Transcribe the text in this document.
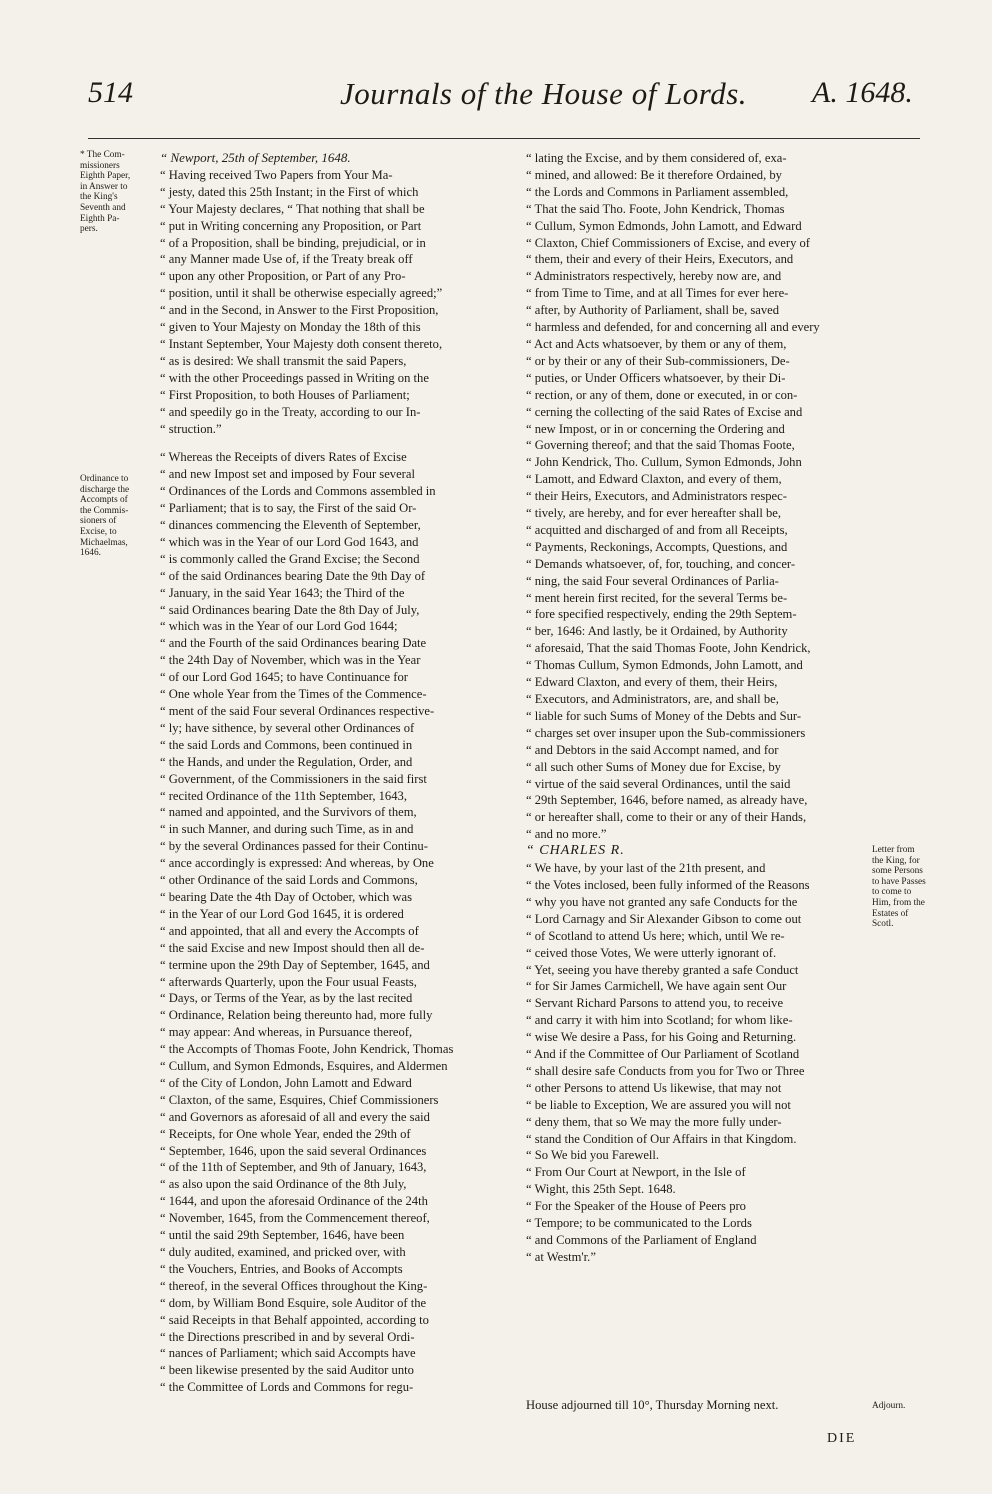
514	Journals of the House of Lords. A. 1648.
* The Com-
missioners
Eighth Paper,
in Answer to
the King's
Seventh and
Eighth Pa-
pers.
Ordinance to
discharge the
Accompts of
the Commis-
sioners of
Excise, to
Michaelmas,
1646.
Letter from
the King, for
some Persons
to have Passes
to come to
Him, from the
Estates of
Scotl.
Adjourn.

“ Newport, 25th of September, 1648.

“ Having received Two Papers from Your Ma-
“ jesty, dated this 25th Instant; in the First of which
“ Your Majesty declares, “ That nothing that shall be
“ put in Writing concerning any Proposition, or Part
“ of a Proposition, shall be binding, prejudicial, or in
“ any Manner made Use of, if the Treaty break off
“ upon any other Proposition, or Part of any Pro-
“ position, until it shall be otherwise especially agreed;”
“ and in the Second, in Answer to the First Proposition,
“ given to Your Majesty on Monday the 18th of this
“ Instant September, Your Majesty doth consent thereto,
“ as is desired: We shall transmit the said Papers,
“ with the other Proceedings passed in Writing on the
“ First Proposition, to both Houses of Parliament;
“ and speedily go in the Treaty, according to our In-
“ struction.”

“ Whereas the Receipts of divers Rates of Excise
“ and new Impost set and imposed by Four several
“ Ordinances of the Lords and Commons assembled in
“ Parliament; that is to say, the First of the said Or-
“ dinances commencing the Eleventh of September,
“ which was in the Year of our Lord God 1643, and
“ is commonly called the Grand Excise; the Second
“ of the said Ordinances bearing Date the 9th Day of
“ January, in the said Year 1643; the Third of the
“ said Ordinances bearing Date the 8th Day of July,
“ which was in the Year of our Lord God 1644;
“ and the Fourth of the said Ordinances bearing Date
“ the 24th Day of November, which was in the Year
“ of our Lord God 1645; to have Continuance for
“ One whole Year from the Times of the Commence-
“ ment of the said Four several Ordinances respective-
“ ly; have sithence, by several other Ordinances of
“ the said Lords and Commons, been continued in
“ the Hands, and under the Regulation, Order, and
“ Government, of the Commissioners in the said first
“ recited Ordinance of the 11th September, 1643,
“ named and appointed, and the Survivors of them,
“ in such Manner, and during such Time, as in and
“ by the several Ordinances passed for their Continu-
“ ance accordingly is expressed: And whereas, by One
“ other Ordinance of the said Lords and Commons,
“ bearing Date the 4th Day of October, which was
“ in the Year of our Lord God 1645, it is ordered
“ and appointed, that all and every the Accompts of
“ the said Excise and new Impost should then all de-
“ termine upon the 29th Day of September, 1645, and
“ afterwards Quarterly, upon the Four usual Feasts,
“ Days, or Terms of the Year, as by the last recited
“ Ordinance, Relation being thereunto had, more fully
“ may appear: And whereas, in Pursuance thereof,
“ the Accompts of Thomas Foote, John Kendrick, Thomas
“ Cullum, and Symon Edmonds, Esquires, and Aldermen
“ of the City of London, John Lamott and Edward
“ Claxton, of the same, Esquires, Chief Commissioners
“ and Governors as aforesaid of all and every the said
“ Receipts, for One whole Year, ended the 29th of
“ September, 1646, upon the said several Ordinances
“ of the 11th of September, and 9th of January, 1643,
“ as also upon the said Ordinance of the 8th July,
“ 1644, and upon the aforesaid Ordinance of the 24th
“ November, 1645, from the Commencement thereof,
“ until the said 29th September, 1646, have been
“ duly audited, examined, and pricked over, with
“ the Vouchers, Entries, and Books of Accompts
“ thereof, in the several Offices throughout the King-
“ dom, by William Bond Esquire, sole Auditor of the
“ said Receipts in that Behalf appointed, according to
“ the Directions prescribed in and by several Ordi-
“ nances of Parliament; which said Accompts have
“ been likewise presented by the said Auditor unto
“ the Committee of Lords and Commons for regu-

“ lating the Excise, and by them considered of, exa-
“ mined, and allowed: Be it therefore Ordained, by
“ the Lords and Commons in Parliament assembled,
“ That the said Tho. Foote, John Kendrick, Thomas
“ Cullum, Symon Edmonds, John Lamott, and Edward
“ Claxton, Chief Commissioners of Excise, and every of
“ them, their and every of their Heirs, Executors, and
“ Administrators respectively, hereby now are, and
“ from Time to Time, and at all Times for ever here-
“ after, by Authority of Parliament, shall be, saved
“ harmless and defended, for and concerning all and every
“ Act and Acts whatsoever, by them or any of them,
“ or by their or any of their Sub-commissioners, De-
“ puties, or Under Officers whatsoever, by their Di-
“ rection, or any of them, done or executed, in or con-
“ cerning the collecting of the said Rates of Excise and
“ new Impost, or in or concerning the Ordering and
“ Governing thereof; and that the said Thomas Foote,
“ John Kendrick, Tho. Cullum, Symon Edmonds, John
“ Lamott, and Edward Claxton, and every of them,
“ their Heirs, Executors, and Administrators respec-
“ tively, are hereby, and for ever hereafter shall be,
“ acquitted and discharged of and from all Receipts,
“ Payments, Reckonings, Accompts, Questions, and
“ Demands whatsoever, of, for, touching, and concer-
“ ning, the said Four several Ordinances of Parlia-
“ ment herein first recited, for the several Terms be-
“ fore specified respectively, ending the 29th Septem-
“ ber, 1646: And lastly, be it Ordained, by Authority
“ aforesaid, That the said Thomas Foote, John Kendrick,
“ Thomas Cullum, Symon Edmonds, John Lamott, and
“ Edward Claxton, and every of them, their Heirs,
“ Executors, and Administrators, are, and shall be,
“ liable for such Sums of Money of the Debts and Sur-
“ charges set over insuper upon the Sub-commissioners
“ and Debtors in the said Accompt named, and for
“ all such other Sums of Money due for Excise, by
“ virtue of the said several Ordinances, until the said
“ 29th September, 1646, before named, as already have,
“ or hereafter shall, come to their or any of their Hands,
“ and no more.”

“ CHARLES R.

“ We have, by your last of the 21th present, and
“ the Votes inclosed, been fully informed of the Reasons
“ why you have not granted any safe Conducts for the
“ Lord Carnagy and Sir Alexander Gibson to come out
“ of Scotland to attend Us here; which, until We re-
“ ceived those Votes, We were utterly ignorant of.
“ Yet, seeing you have thereby granted a safe Conduct
“ for Sir James Carmichell, We have again sent Our
“ Servant Richard Parsons to attend you, to receive
“ and carry it with him into Scotland; for whom like-
“ wise We desire a Pass, for his Going and Returning.
“ And if the Committee of Our Parliament of Scotland
“ shall desire safe Conducts from you for Two or Three
“ other Persons to attend Us likewise, that may not
“ be liable to Exception, We are assured you will not
“ deny them, that so We may the more fully under-
“ stand the Condition of Our Affairs in that Kingdom.
“ So We bid you Farewell.

“ From Our Court at Newport, in the Isle of
“ Wight, this 25th Sept. 1648.

“ For the Speaker of the House of Peers pro
“ Tempore; to be communicated to the Lords
“ and Commons of the Parliament of England
“ at Westm'r.”

House adjourned till 10°, Thursday Morning next.
DIE
